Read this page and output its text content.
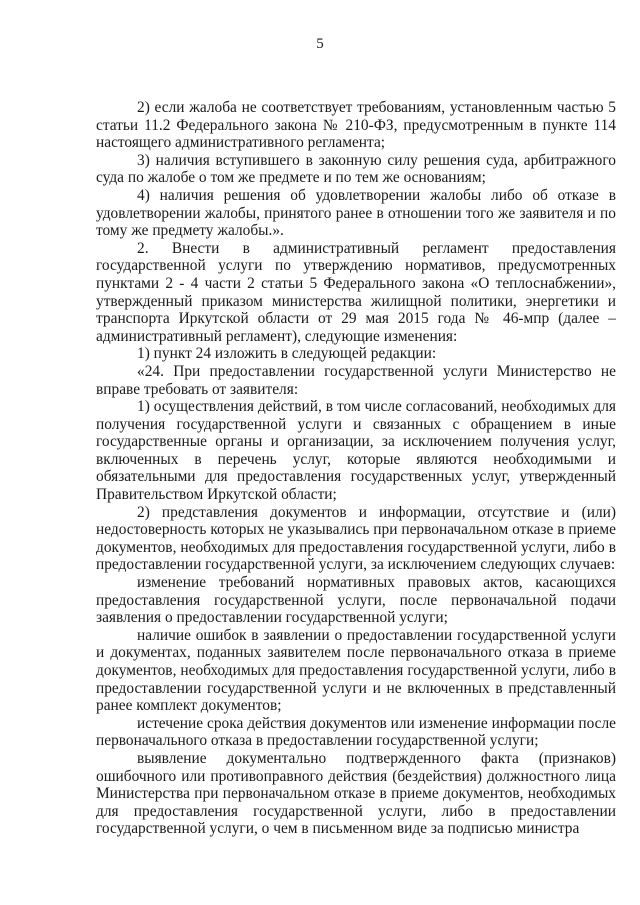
5

2) если жалоба не соответствует требованиям, установленным частью 5 статьи 11.2 Федерального закона № 210-ФЗ, предусмотренным в пункте 114 настоящего административного регламента;

3) наличия вступившего в законную силу решения суда, арбитражного суда по жалобе о том же предмете и по тем же основаниям;

4) наличия решения об удовлетворении жалобы либо об отказе в удовлетворении жалобы, принятого ранее в отношении того же заявителя и по тому же предмету жалобы.».

2. Внести в административный регламент предоставления государственной услуги по утверждению нормативов, предусмотренных пунктами 2 - 4 части 2 статьи 5 Федерального закона «О теплоснабжении», утвержденный приказом министерства жилищной политики, энергетики и транспорта Иркутской области от 29 мая 2015 года № 46-мпр (далее – административный регламент), следующие изменения:

1) пункт 24 изложить в следующей редакции:

«24. При предоставлении государственной услуги Министерство не вправе требовать от заявителя:

1) осуществления действий, в том числе согласований, необходимых для получения государственной услуги и связанных с обращением в иные государственные органы и организации, за исключением получения услуг, включенных в перечень услуг, которые являются необходимыми и обязательными для предоставления государственных услуг, утвержденный Правительством Иркутской области;

2) представления документов и информации, отсутствие и (или) недостоверность которых не указывались при первоначальном отказе в приеме документов, необходимых для предоставления государственной услуги, либо в предоставлении государственной услуги, за исключением следующих случаев:

изменение требований нормативных правовых актов, касающихся предоставления государственной услуги, после первоначальной подачи заявления о предоставлении государственной услуги;

наличие ошибок в заявлении о предоставлении государственной услуги и документах, поданных заявителем после первоначального отказа в приеме документов, необходимых для предоставления государственной услуги, либо в предоставлении государственной услуги и не включенных в представленный ранее комплект документов;

истечение срока действия документов или изменение информации после первоначального отказа в предоставлении государственной услуги;

выявление документально подтвержденного факта (признаков) ошибочного или противоправного действия (бездействия) должностного лица Министерства при первоначальном отказе в приеме документов, необходимых для предоставления государственной услуги, либо в предоставлении государственной услуги, о чем в письменном виде за подписью министра
